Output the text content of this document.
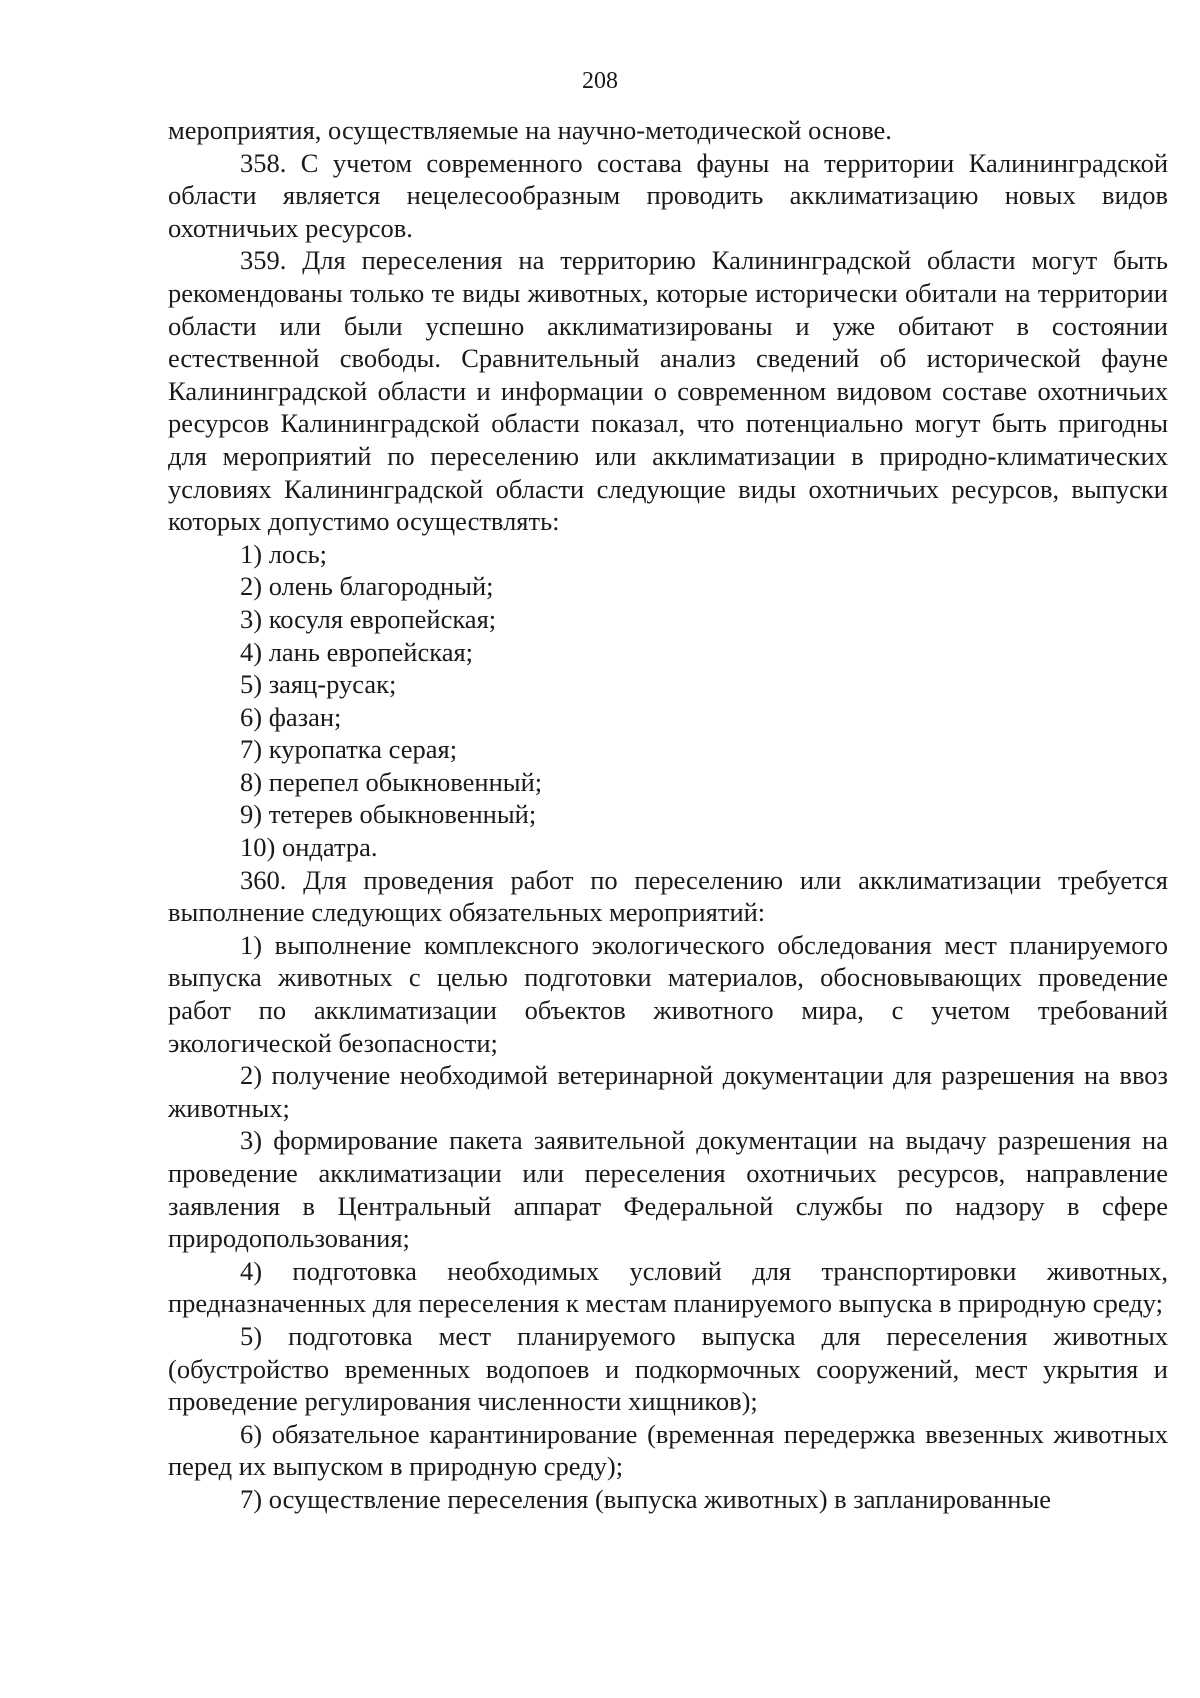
208

мероприятия, осуществляемые на научно-методической основе.

358. С учетом современного состава фауны на территории Калининградской области является нецелесообразным проводить акклиматизацию новых видов охотничьих ресурсов.

359. Для переселения на территорию Калининградской области могут быть рекомендованы только те виды животных, которые исторически обитали на территории области или были успешно акклиматизированы и уже обитают в состоянии естественной свободы. Сравнительный анализ сведений об исторической фауне Калининградской области и информации о современном видовом составе охотничьих ресурсов Калининградской области показал, что потенциально могут быть пригодны для мероприятий по переселению или акклиматизации в природно-климатических условиях Калининградской области следующие виды охотничьих ресурсов, выпуски которых допустимо осуществлять:

1) лось;

2) олень благородный;

3) косуля европейская;

4) лань европейская;

5) заяц-русак;

6) фазан;

7) куропатка серая;

8) перепел обыкновенный;

9) тетерев обыкновенный;

10) ондатра.

360. Для проведения работ по переселению или акклиматизации требуется выполнение следующих обязательных мероприятий:

1) выполнение комплексного экологического обследования мест планируемого выпуска животных с целью подготовки материалов, обосновывающих проведение работ по акклиматизации объектов животного мира, с учетом требований экологической безопасности;

2) получение необходимой ветеринарной документации для разрешения на ввоз животных;

3) формирование пакета заявительной документации на выдачу разрешения на проведение акклиматизации или переселения охотничьих ресурсов, направление заявления в Центральный аппарат Федеральной службы по надзору в сфере природопользования;

4) подготовка необходимых условий для транспортировки животных, предназначенных для переселения к местам планируемого выпуска в природную среду;

5) подготовка мест планируемого выпуска для переселения животных (обустройство временных водопоев и подкормочных сооружений, мест укрытия и проведение регулирования численности хищников);

6) обязательное карантинирование (временная передержка ввезенных животных перед их выпуском в природную среду);

7) осуществление переселения (выпуска животных) в запланированные
